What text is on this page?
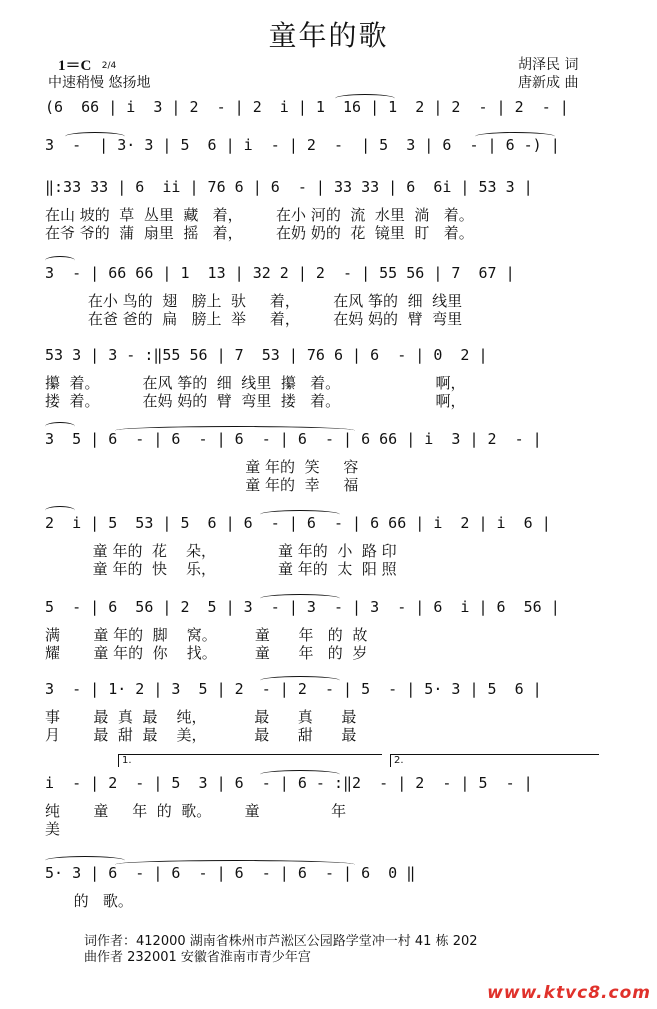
童年的歌
1＝C 2/4
中速稍慢 悠扬地
胡泽民 词
唐新成 曲
(6  66 | i  3 | 2  - | 2  i | 1  16 | 1  2 | 2  - | 2  - |
3  -  | 3· 3 | 5  6 | i  - | 2  -  | 5  3 | 6  - | 6 -) |
‖:33 33 | 6  ii | 76 6 | 6  - | 33 33 | 6  6i | 53 3 |
在山 坡的  草  丛里  藏   着，       在小 河的  流  水里  淌   着。
在爷 爷的  蒲  扇里  摇   着，       在奶 奶的  花  镜里  盯   着。
3  - | 66 66 | 1  13 | 32 2 | 2  - | 55 56 | 7  67 |
在小 鸟的  翅   膀上  驮     着，       在风 筝的  细  线里
在爸 爸的  扁   膀上  举     着，       在妈 妈的  臂  弯里
53 3 | 3 - :‖55 56 | 7  53 | 76 6 | 6  - | 0  2 |
攥  着。         在风 筝的  细  线里  攥   着。                    啊，
搂  着。         在妈 妈的  臂  弯里  搂   着。                    啊，
3  5 | 6  - | 6  - | 6  - | 6  - | 6 66 | i  3 | 2  - |
童 年的  笑     容
童 年的  幸     福
2  i | 5  53 | 5  6 | 6  - | 6  - | 6 66 | i  2 | i  6 |
童 年的  花    朵，             童 年的  小  路 印
童 年的  快    乐，             童 年的  太  阳 照
5  - | 6  56 | 2  5 | 3  - | 3  - | 3  - | 6  i | 6  56 |
满       童 年的  脚    窝。        童      年   的  故
耀       童 年的  你    找。        童      年   的  岁
3  - | 1· 2 | 3  5 | 2  - | 2  - | 5  - | 5· 3 | 5  6 |
事       最  真  最    纯，          最      真      最
月       最  甜  最    美，          最      甜      最
1.	2.
i  - | 2  - | 5  3 | 6  - | 6 - :‖2  - | 2  - | 5  - |
纯       童     年  的  歌。       童               年
美
5· 3 | 6  - | 6  - | 6  - | 6  - | 6  0 ‖
的   歌。
词作者：412000 湖南省株州市芦淞区公园路学堂冲一村 41 栋 202
曲作者 232001 安徽省淮南市青少年宫
www.ktvc8.com
